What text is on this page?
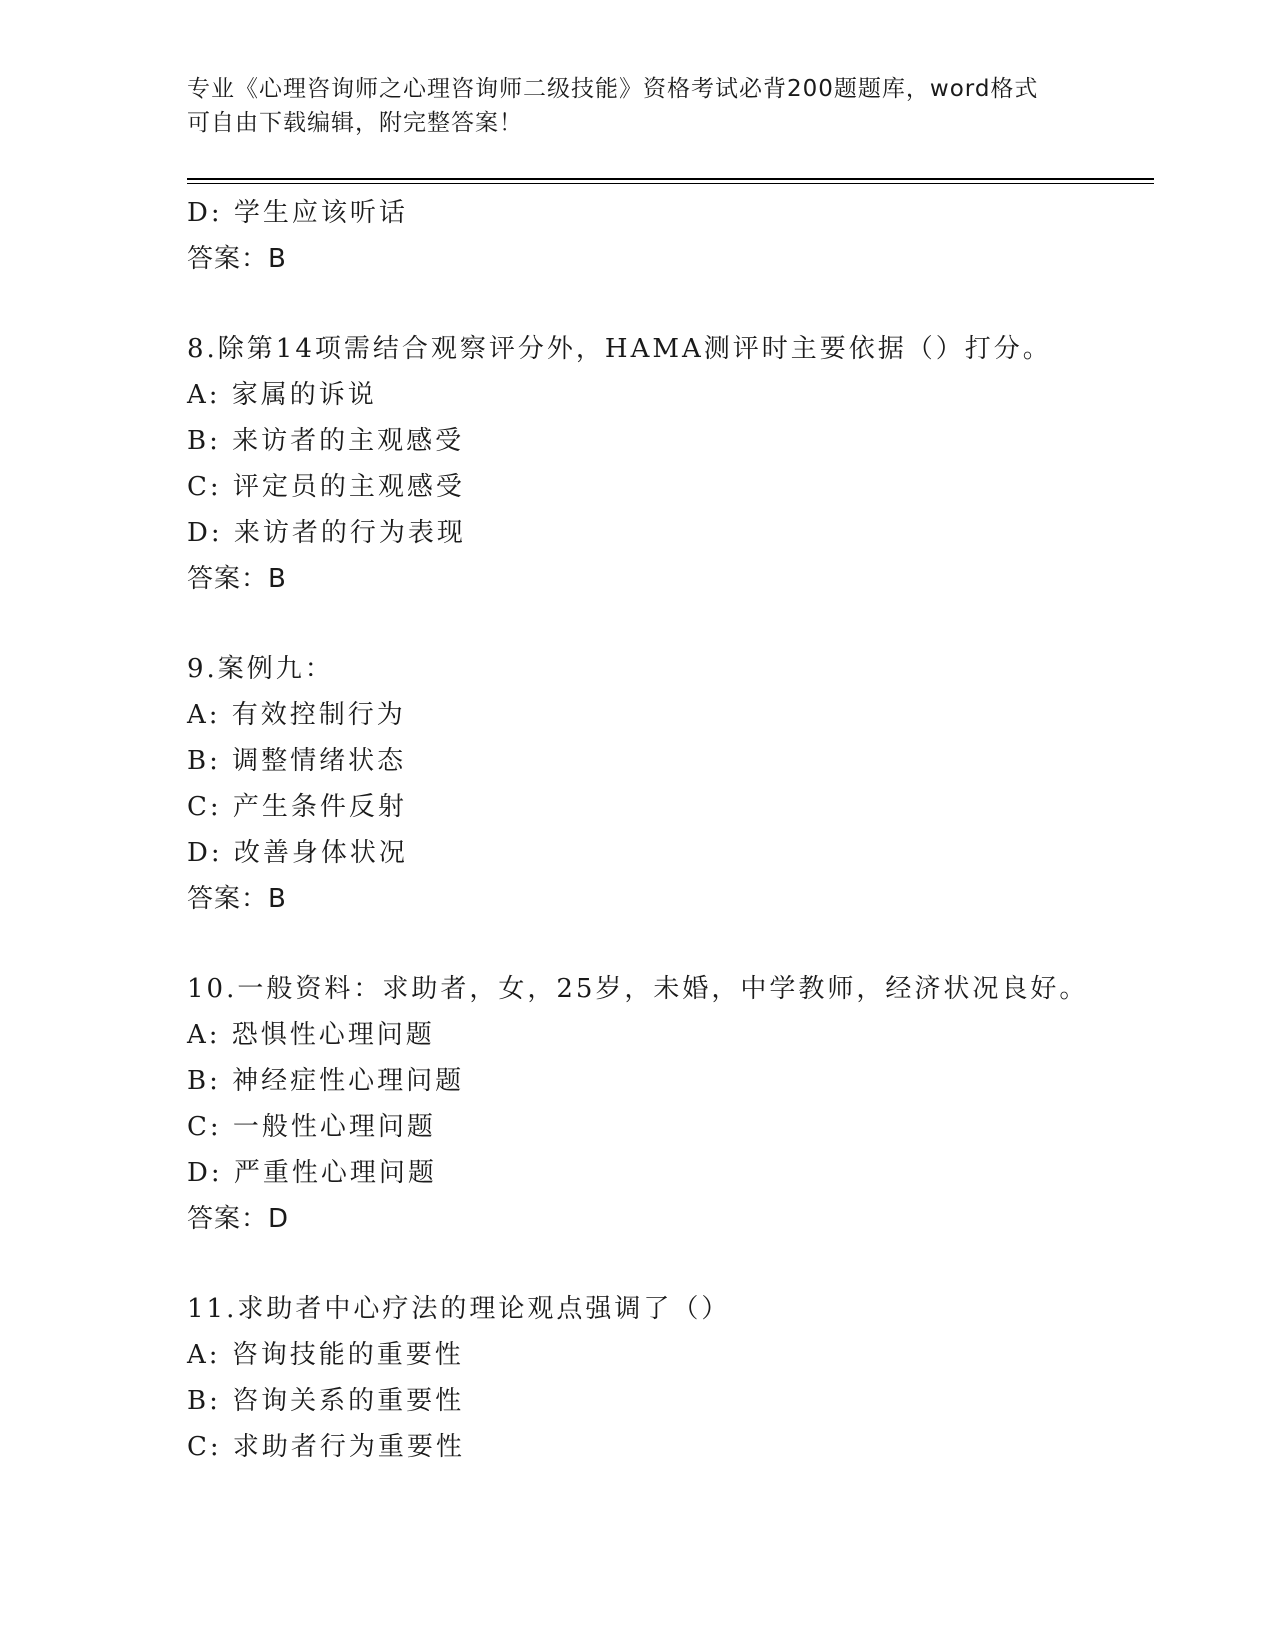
专业《心理咨询师之心理咨询师二级技能》资格考试必背200题题库，word格式
可自由下载编辑，附完整答案！
D: 学生应该听话
答案：B
8.除第14项需结合观察评分外，HAMA测评时主要依据（）打分。
A: 家属的诉说
B: 来访者的主观感受
C: 评定员的主观感受
D: 来访者的行为表现
答案：B
9.案例九：
A: 有效控制行为
B: 调整情绪状态
C: 产生条件反射
D: 改善身体状况
答案：B
10.一般资料：求助者，女，25岁，未婚，中学教师，经济状况良好。
A: 恐惧性心理问题
B: 神经症性心理问题
C: 一般性心理问题
D: 严重性心理问题
答案：D
11.求助者中心疗法的理论观点强调了（）
A: 咨询技能的重要性
B: 咨询关系的重要性
C: 求助者行为重要性
